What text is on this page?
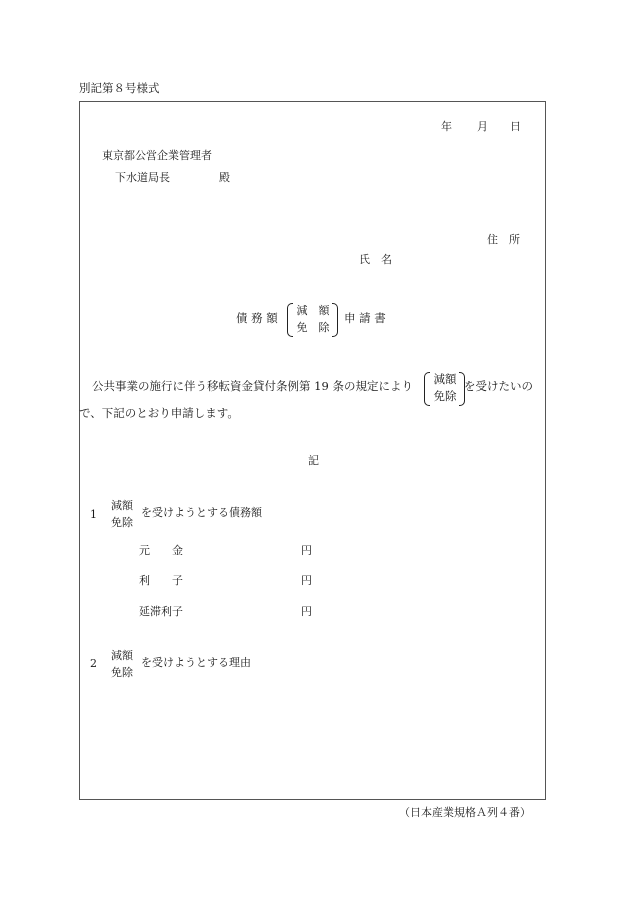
別記第８号様式
年 月 日
東京都公営企業管理者
下水道局長	殿
住　所
氏　名
債 務 額
減　額
免　除
申 請 書
公共事業の施行に伴う移転資金貸付条例第 19 条の規定により	減額
免除
を受けたいの
で、下記のとおり申請します。
記
1
減額
免除
を受けようとする債務額
元　　金	円
利　　子	円
延滞利子	円
2
減額
免除
を受けようとする理由
（日本産業規格Ａ列４番）
